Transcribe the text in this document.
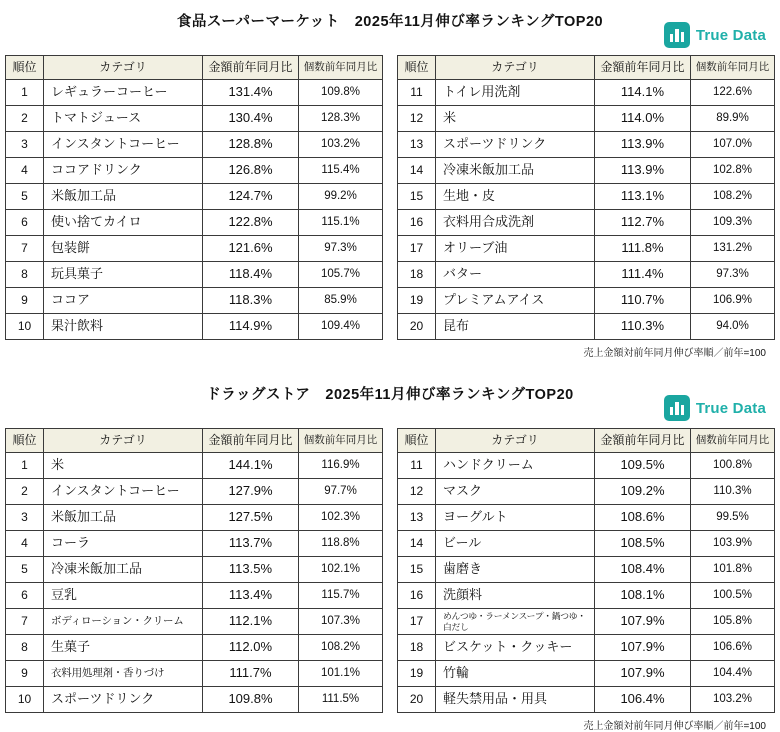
食品スーパーマーケット　2025年11月伸び率ランキングTOP20
True Data
順位	カテゴリ	金額前年同月比	個数前年同月比
1	レギュラーコーヒー	131.4%	109.8%
2	トマトジュース	130.4%	128.3%
3	インスタントコーヒー	128.8%	103.2%
4	ココアドリンク	126.8%	115.4%
5	米飯加工品	124.7%	99.2%
6	使い捨てカイロ	122.8%	115.1%
7	包装餅	121.6%	97.3%
8	玩具菓子	118.4%	105.7%
9	ココア	118.3%	85.9%
10	果汁飲料	114.9%	109.4%
順位	カテゴリ	金額前年同月比	個数前年同月比
11	トイレ用洗剤	114.1%	122.6%
12	米	114.0%	89.9%
13	スポーツドリンク	113.9%	107.0%
14	冷凍米飯加工品	113.9%	102.8%
15	生地・皮	113.1%	108.2%
16	衣料用合成洗剤	112.7%	109.3%
17	オリーブ油	111.8%	131.2%
18	バター	111.4%	97.3%
19	プレミアムアイス	110.7%	106.9%
20	昆布	110.3%	94.0%
売上金額対前年同月伸び率順／前年=100
ドラッグストア　2025年11月伸び率ランキングTOP20
True Data
順位	カテゴリ	金額前年同月比	個数前年同月比
1	米	144.1%	116.9%
2	インスタントコーヒー	127.9%	97.7%
3	米飯加工品	127.5%	102.3%
4	コーラ	113.7%	118.8%
5	冷凍米飯加工品	113.5%	102.1%
6	豆乳	113.4%	115.7%
7	ボディローション・クリーム	112.1%	107.3%
8	生菓子	112.0%	108.2%
9	衣料用処理剤・香りづけ	111.7%	101.1%
10	スポーツドリンク	109.8%	111.5%
順位	カテゴリ	金額前年同月比	個数前年同月比
11	ハンドクリーム	109.5%	100.8%
12	マスク	109.2%	110.3%
13	ヨーグルト	108.6%	99.5%
14	ビール	108.5%	103.9%
15	歯磨き	108.4%	101.8%
16	洗顔料	108.1%	100.5%
17	めんつゆ・ラーメンスープ・鍋つゆ・白だし	107.9%	105.8%
18	ビスケット・クッキー	107.9%	106.6%
19	竹輪	107.9%	104.4%
20	軽失禁用品・用具	106.4%	103.2%
売上金額対前年同月伸び率順／前年=100
